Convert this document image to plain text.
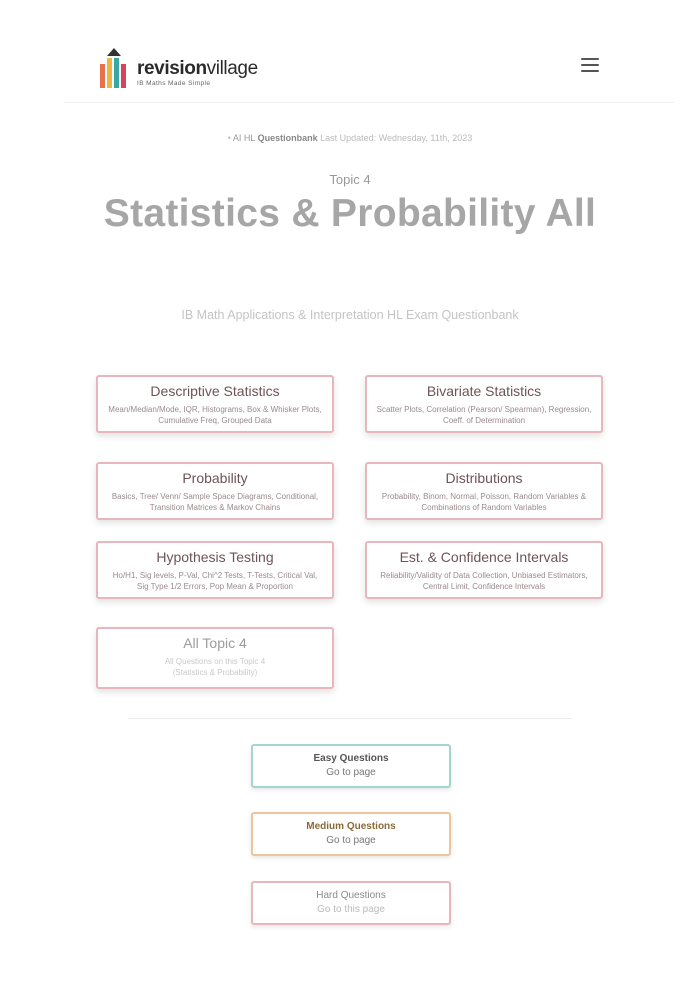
revisionvillage
IB Maths Made Simple
• AI HL Questionbank Last Updated: Wednesday, 11th, 2023
Topic 4
Statistics & Probability All
IB Math Applications & Interpretation HL Exam Questionbank
Descriptive Statistics
Mean/Median/Mode, IQR, Histograms, Box & Whisker Plots, Cumulative Freq, Grouped Data
Bivariate Statistics
Scatter Plots, Correlation (Pearson/ Spearman), Regression, Coeff. of Determination
Probability
Basics, Tree/ Venn/ Sample Space Diagrams, Conditional, Transition Matrices & Markov Chains
Distributions
Probability, Binom, Normal, Poisson, Random Variables & Combinations of Random Variables
Hypothesis Testing
Ho/H1, Sig levels, P-Val, Chi^2 Tests, T-Tests, Critical Val, Sig Type 1/2 Errors, Pop Mean & Proportion
Est. & Confidence Intervals
Reliability/Validity of Data Collection, Unbiased Estimators, Central Limit, Confidence Intervals
All Topic 4
All Questions on this Topic 4 (Statistics & Probability)
Easy Questions
Go to page
Medium Questions
Go to page
Hard Questions
Go to this page
